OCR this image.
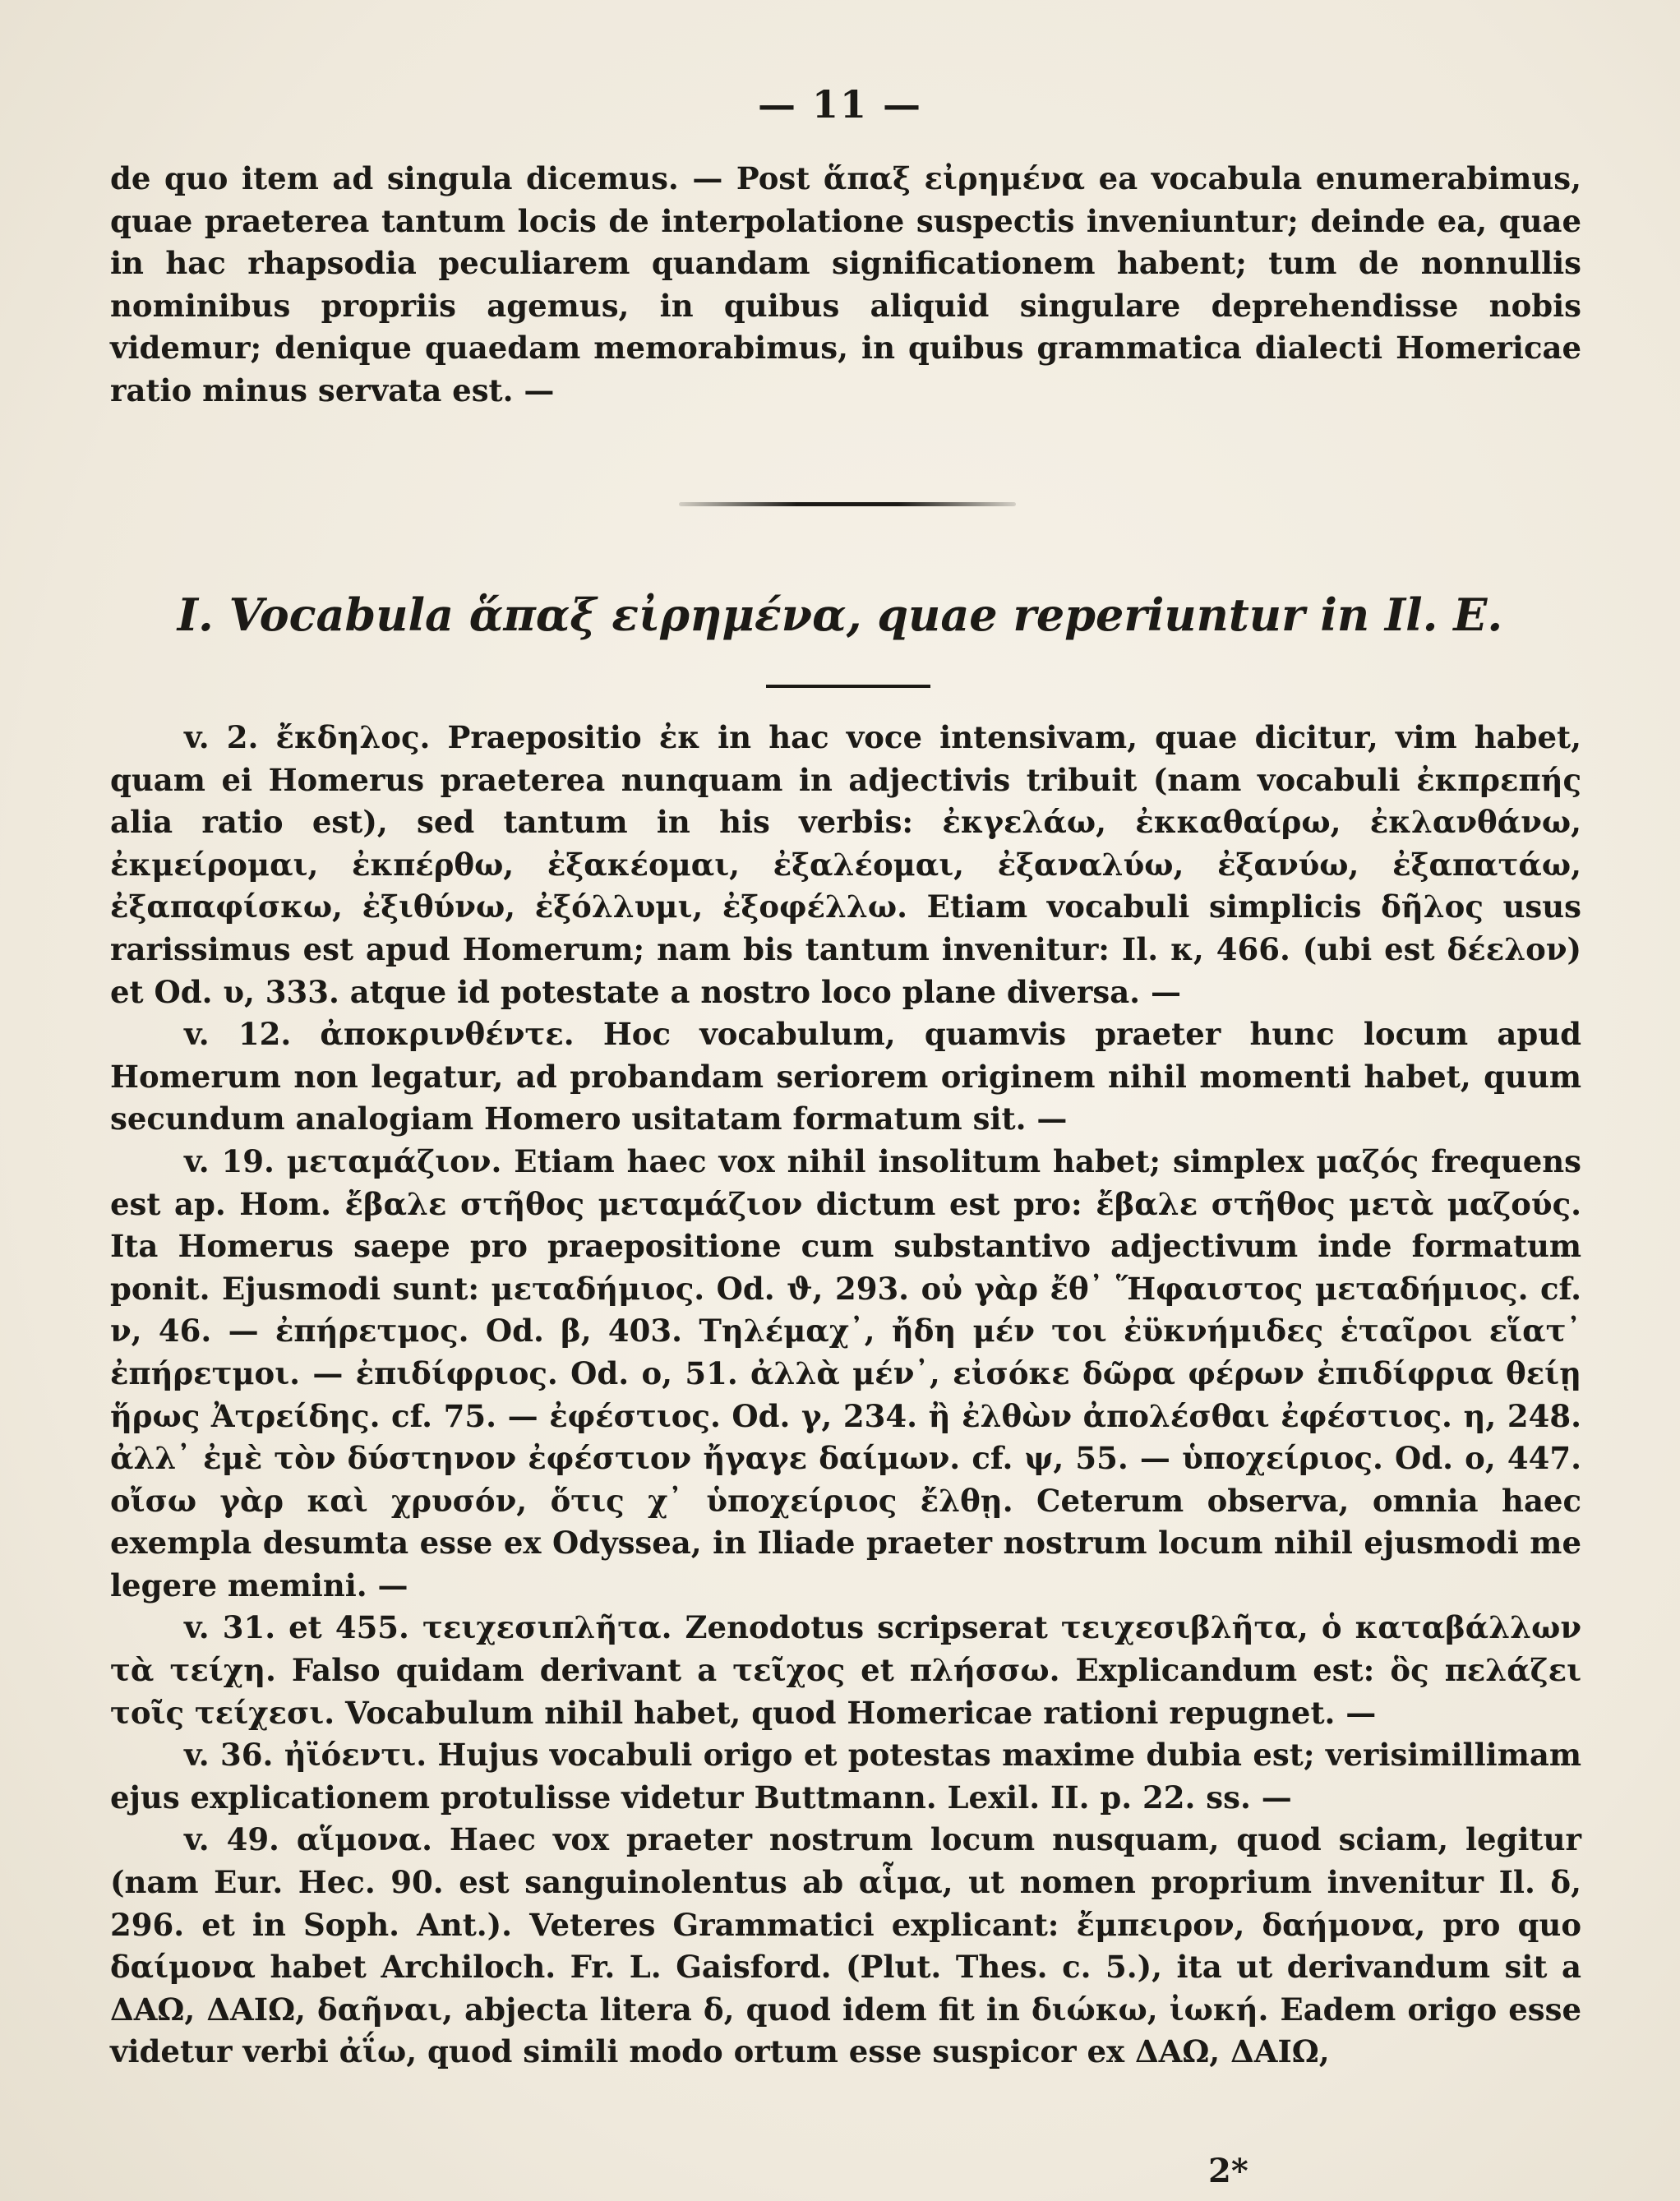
— 11 —

de quo item ad singula dicemus. — Post ἅπαξ εἰρημένα ea vocabula enumerabimus, quae praeterea tantum locis de interpolatione suspectis inveniuntur; deinde ea, quae in hac rhapsodia peculiarem quandam significationem habent; tum de nonnullis nominibus propriis agemus, in quibus aliquid singulare deprehendisse nobis videmur; denique quaedam memorabimus, in quibus grammatica dialecti Homericae ratio minus servata est. —

I. Vocabula ἅπαξ εἰρημένα, quae reperiuntur in Il. E.

v. 2. ἔκδηλος. Praepositio ἐκ in hac voce intensivam, quae dicitur, vim habet, quam ei Homerus praeterea nunquam in adjectivis tribuit (nam vocabuli ἐκπρεπής alia ratio est), sed tantum in his verbis: ἐκγελάω, ἐκκαθαίρω, ἐκλανθάνω, ἐκμείρομαι, ἐκπέρθω, ἐξακέομαι, ἐξαλέομαι, ἐξαναλύω, ἐξανύω, ἐξαπατάω, ἐξαπαφίσκω, ἐξιθύνω, ἐξόλλυμι, ἐξοφέλλω. Etiam vocabuli simplicis δῆλος usus rarissimus est apud Homerum; nam bis tantum invenitur: Il. κ, 466. (ubi est δέελον) et Od. υ, 333. atque id potestate a nostro loco plane diversa. —

v. 12. ἀποκρινθέντε. Hoc vocabulum, quamvis praeter hunc locum apud Homerum non legatur, ad probandam seriorem originem nihil momenti habet, quum secundum analogiam Homero usitatam formatum sit. —

v. 19. μεταμάζιον. Etiam haec vox nihil insolitum habet; simplex μαζός frequens est ap. Hom. ἔβαλε στῆθος μεταμάζιον dictum est pro: ἔβαλε στῆθος μετὰ μαζούς. Ita Homerus saepe pro praepositione cum substantivo adjectivum inde formatum ponit. Ejusmodi sunt: μεταδήμιος. Od. ϑ, 293. οὐ γὰρ ἔθ᾽ Ἥφαιστος μεταδήμιος. cf. ν, 46. — ἐπήρετμος. Od. β, 403. Τηλέμαχ᾽, ἤδη μέν τοι ἐϋκνήμιδες ἑταῖροι εἵατ᾽ ἐπήρετμοι. — ἐπιδίφριος. Od. ο, 51. ἀλλὰ μέν᾽, εἰσόκε δῶρα φέρων ἐπιδίφρια θείῃ ἥρως Ἀτρείδης. cf. 75. — ἐφέστιος. Od. γ, 234. ἢ ἐλθὼν ἀπολέσθαι ἐφέστιος. η, 248. ἀλλ᾽ ἐμὲ τὸν δύστηνον ἐφέστιον ἤγαγε δαίμων. cf. ψ, 55. — ὑποχείριος. Od. ο, 447. οἴσω γὰρ καὶ χρυσόν, ὅτις χ᾽ ὑποχείριος ἔλθῃ. Ceterum observa, omnia haec exempla desumta esse ex Odyssea, in Iliade praeter nostrum locum nihil ejusmodi me legere memini. —

v. 31. et 455. τειχεσιπλῆτα. Zenodotus scripserat τειχεσιβλῆτα, ὁ καταβάλλων τὰ τείχη. Falso quidam derivant a τεῖχος et πλήσσω. Explicandum est: ὃς πελάζει τοῖς τείχεσι. Vocabulum nihil habet, quod Homericae rationi repugnet. —

v. 36. ἠϊόεντι. Hujus vocabuli origo et potestas maxime dubia est; verisimillimam ejus explicationem protulisse videtur Buttmann. Lexil. II. p. 22. ss. —

v. 49. αἵμονα. Haec vox praeter nostrum locum nusquam, quod sciam, legitur (nam Eur. Hec. 90. est sanguinolentus ab αἷμα, ut nomen proprium invenitur Il. δ, 296. et in Soph. Ant.). Veteres Grammatici explicant: ἔμπειρον, δαήμονα, pro quo δαίμονα habet Archiloch. Fr. L. Gaisford. (Plut. Thes. c. 5.), ita ut derivandum sit a ΔΑΩ, ΔΑΙΩ, δαῆναι, abjecta litera δ, quod idem fit in διώκω, ἰωκή. Eadem origo esse videtur verbi ἀΐω, quod simili modo ortum esse suspicor ex ΔΑΩ, ΔΑΙΩ,

2*
